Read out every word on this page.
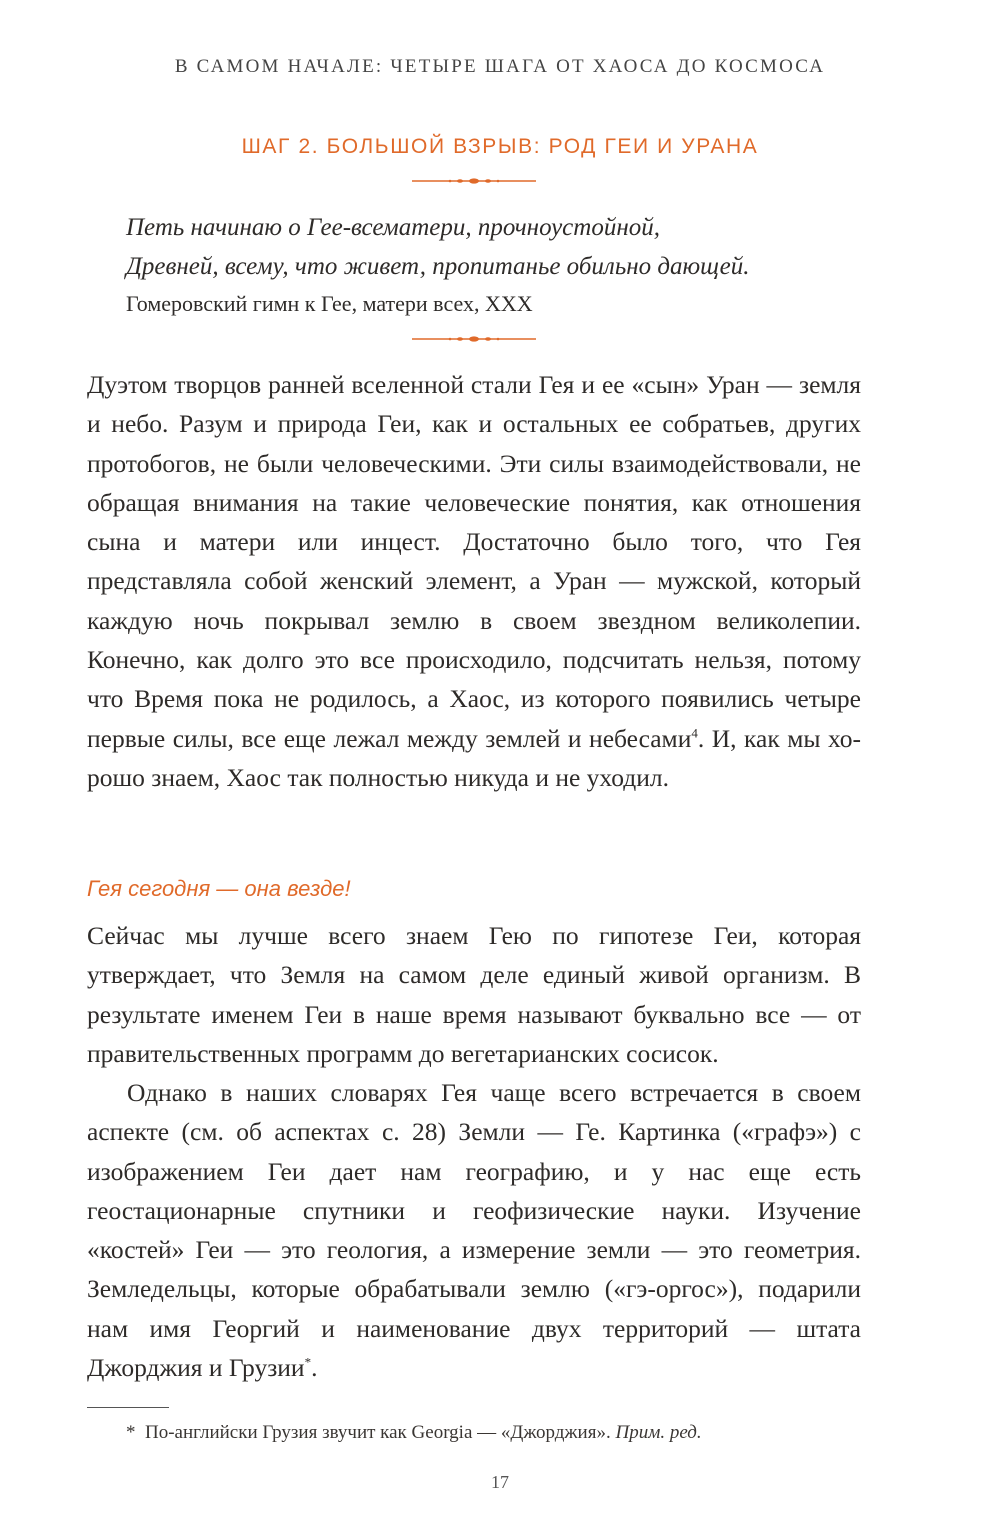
В САМОМ НАЧАЛЕ: ЧЕТЫРЕ ШАГА ОТ ХАОСА ДО КОСМОСА
ШАГ 2. БОЛЬШОЙ ВЗРЫВ: РОД ГЕИ И УРАНА
Петь начинаю о Гее-всематери, прочноустойной,
Древней, всему, что живет, пропитанье обильно дающей.
Гомеровский гимн к Гее, матери всех, XXX
Дуэтом творцов ранней вселенной стали Гея и ее «сын» Уран — земля и небо. Разум и природа Геи, как и остальных ее собратьев, других протобогов, не были человеческими. Эти силы взаимодействовали, не обращая внимания на такие человеческие понятия, как отношения сына и матери или инцест. Достаточно было того, что Гея представляла собой женский элемент, а Уран — мужской, который каждую ночь покрывал землю в своем звездном великолепии. Конечно, как долго это все происходило, подсчитать нельзя, потому что Время пока не родилось, а Хаос, из которого появились четыре первые силы, все еще лежал между землей и небесами$^4$. И, как мы хорошо знаем, Хаос так полностью никуда и не уходил.
Гея сегодня — она везде!
Сейчас мы лучше всего знаем Гею по гипотезе Геи, которая утверждает, что Земля на самом деле единый живой организм. В результате именем Геи в наше время называют буквально все — от правительственных программ до вегетарианских сосисок.
Однако в наших словарях Гея чаще всего встречается в своем аспекте (см. об аспектах с. 28) Земли — Ге. Картинка («графэ») с изображением Геи дает нам географию, и у нас еще есть геостационарные спутники и геофизические науки. Изучение «костей» Геи — это геология, а измерение земли — это геометрия. Земледельцы, которые обрабатывали землю («гэ-оргос»), подарили нам имя Георгий и наименование двух территорий — штата Джорджия и Грузии*.
* По-английски Грузия звучит как Georgia — «Джорджия». Прим. ред.
17
